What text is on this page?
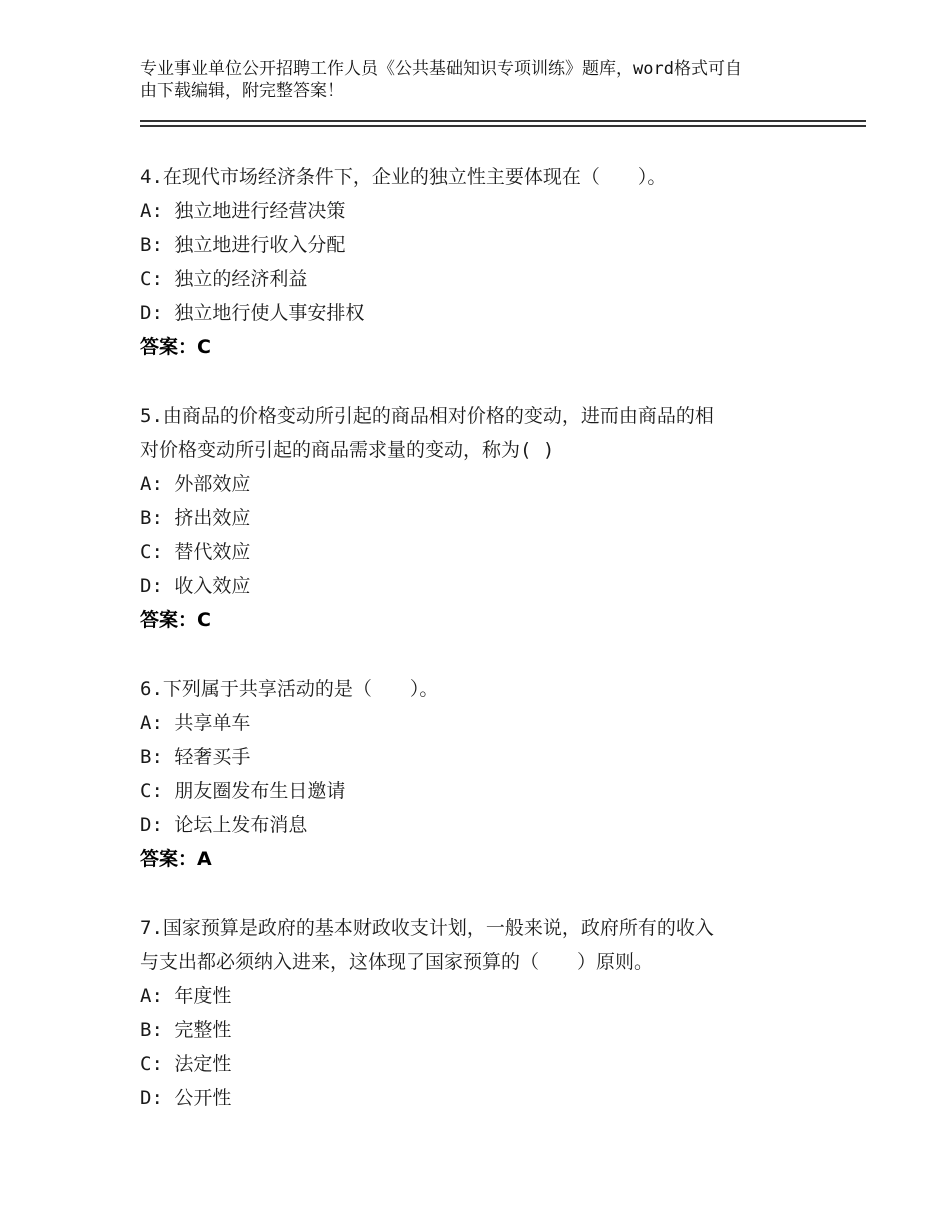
专业事业单位公开招聘工作人员《公共基础知识专项训练》题库，word格式可自
由下载编辑，附完整答案！
4.在现代市场经济条件下，企业的独立性主要体现在（　　）。
A: 独立地进行经营决策
B: 独立地进行收入分配
C: 独立的经济利益
D: 独立地行使人事安排权
答案：C
5.由商品的价格变动所引起的商品相对价格的变动，进而由商品的相
对价格变动所引起的商品需求量的变动，称为( )
A: 外部效应
B: 挤出效应
C: 替代效应
D: 收入效应
答案：C
6.下列属于共享活动的是（　　）。
A: 共享单车
B: 轻奢买手
C: 朋友圈发布生日邀请
D: 论坛上发布消息
答案：A
7.国家预算是政府的基本财政收支计划，一般来说，政府所有的收入
与支出都必须纳入进来，这体现了国家预算的（　　）原则。
A: 年度性
B: 完整性
C: 法定性
D: 公开性
